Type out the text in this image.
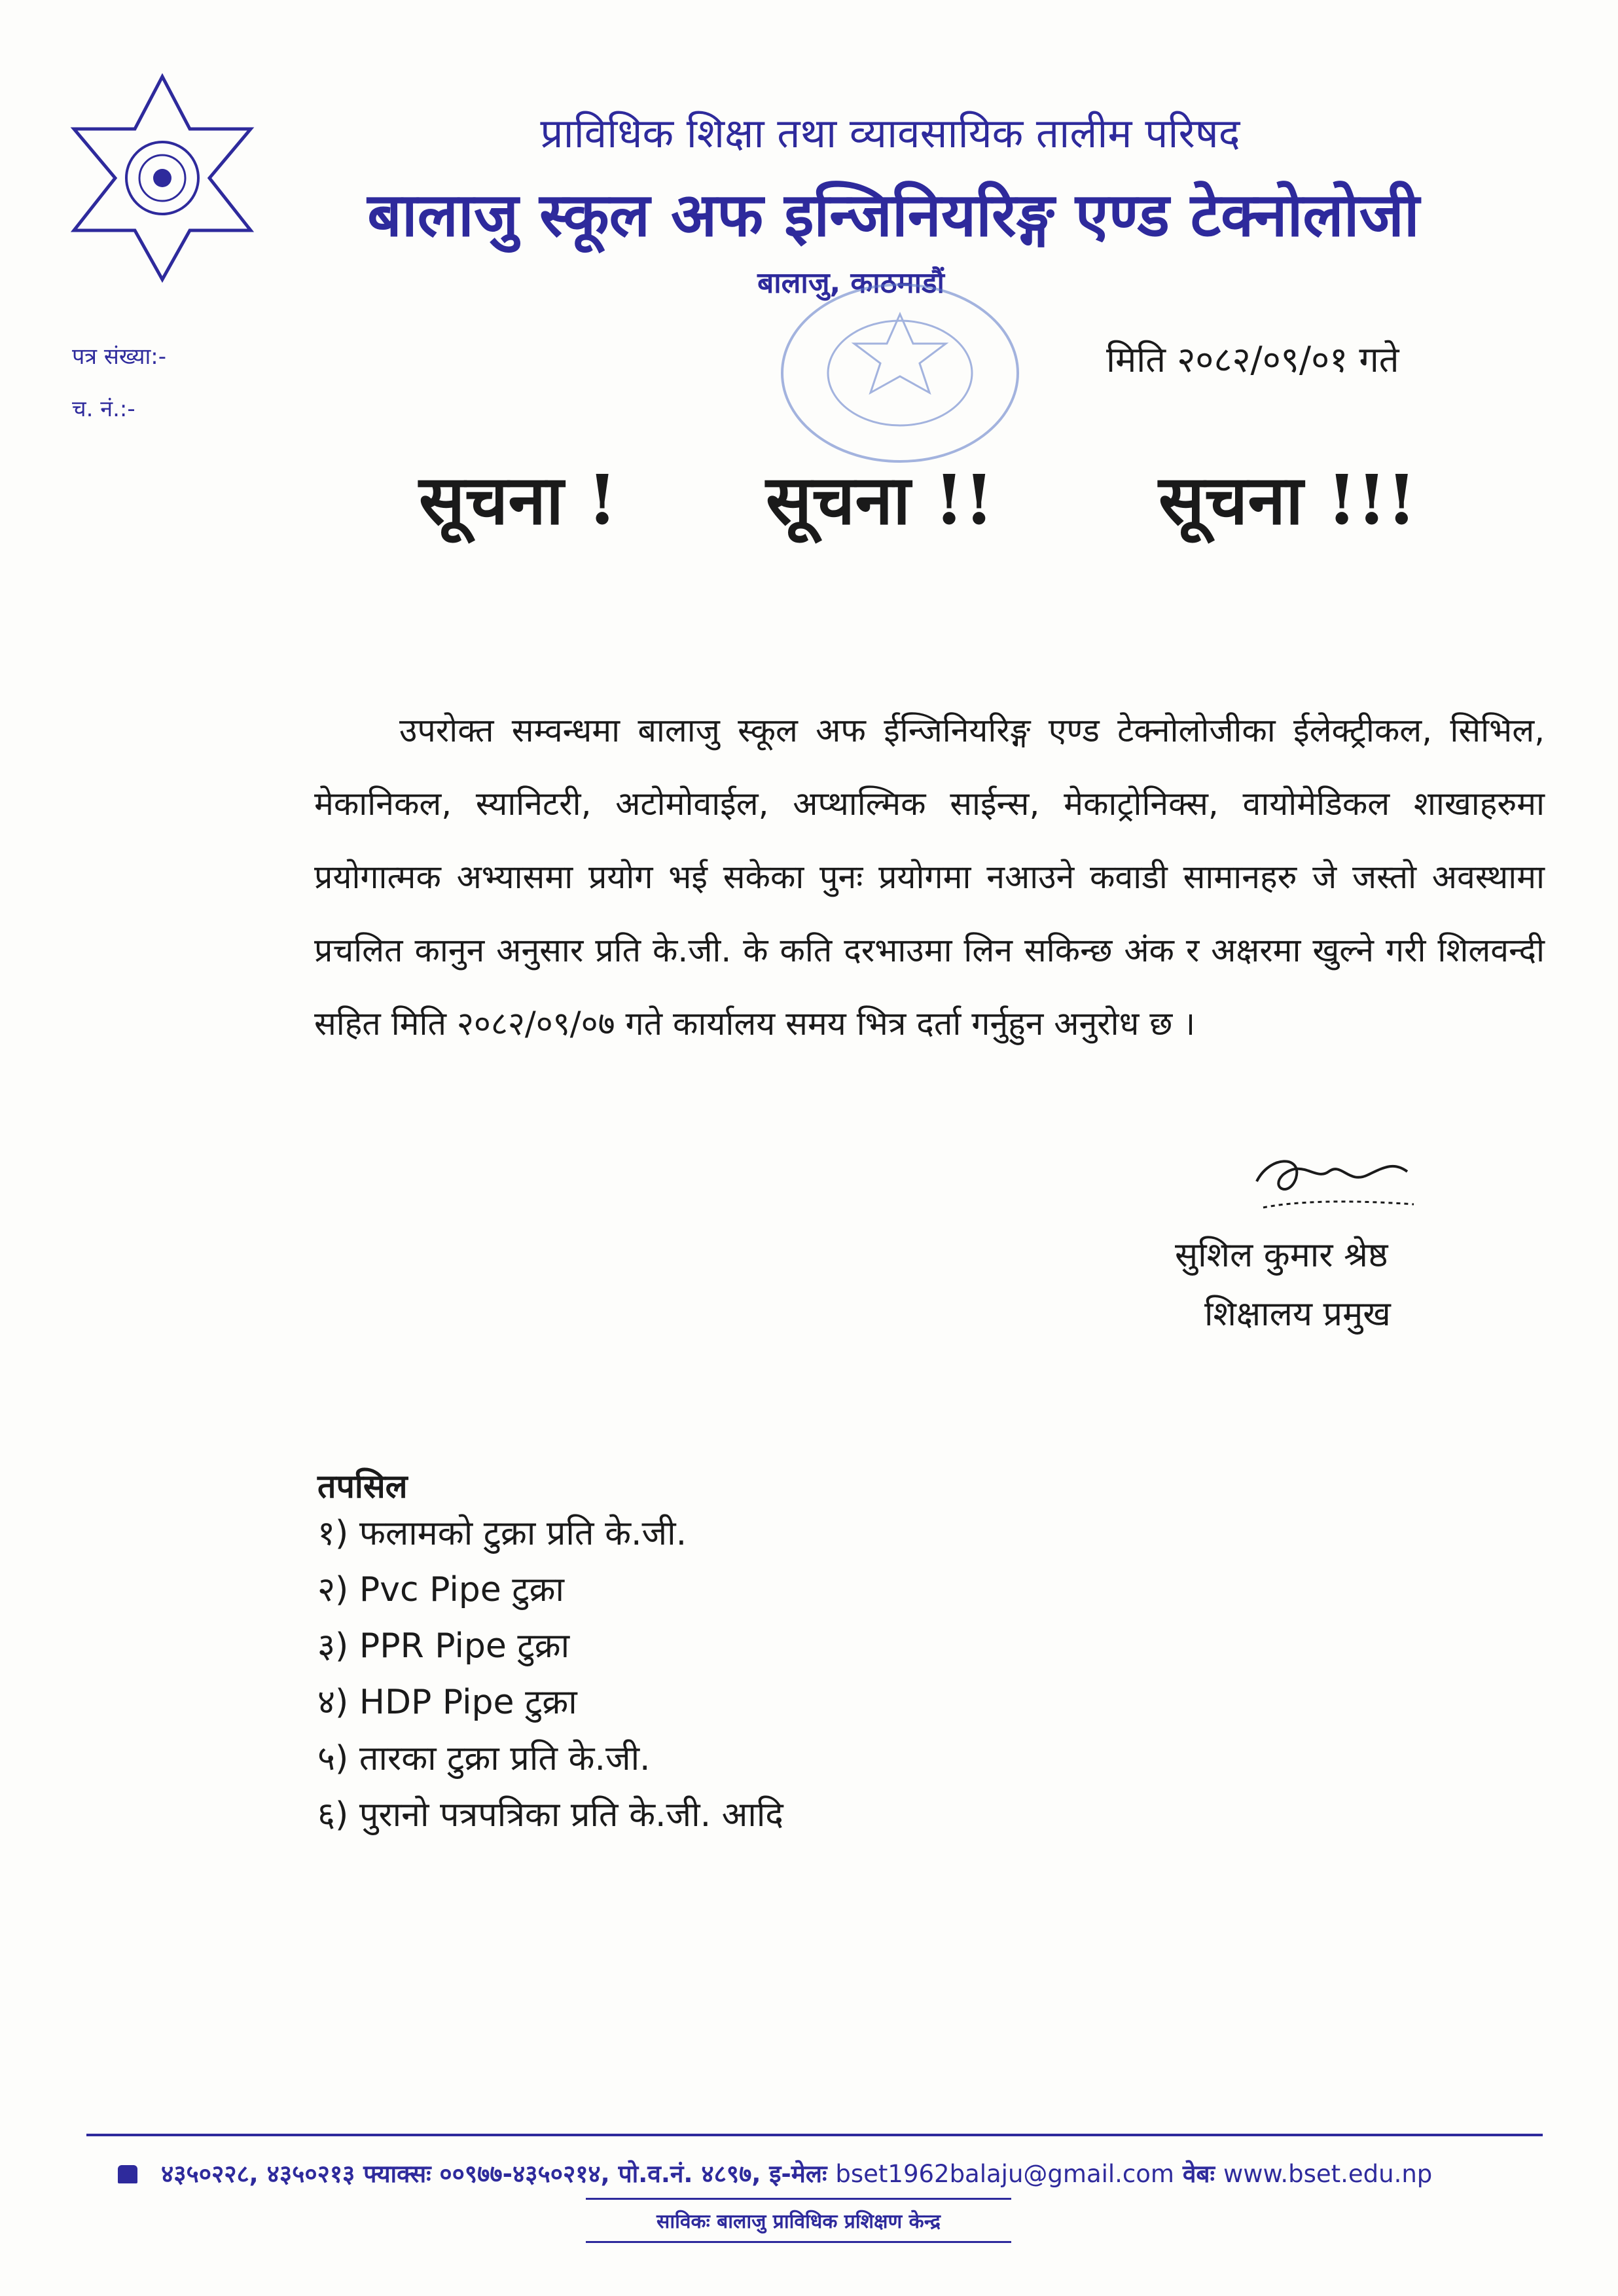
प्राविधिक शिक्षा तथा व्यावसायिक तालीम परिषद
बालाजु स्कूल अफ इन्जिनियरिङ्ग एण्ड टेक्नोलोजी
बालाजु, काठमाडौं
पत्र संख्या:-
च. नं.:-
मिति २०८२/०९/०१ गते
सूचना ! सूचना !! सूचना !!!

उपरोक्त सम्वन्धमा बालाजु स्कूल अफ ईन्जिनियरिङ्ग एण्ड टेक्नोलोजीका ईलेक्ट्रीकल, सिभिल, मेकानिकल, स्यानिटरी, अटोमोवाईल, अप्थाल्मिक साईन्स, मेकाट्रोनिक्स, वायोमेडिकल शाखाहरुमा प्रयोगात्मक अभ्यासमा प्रयोग भई सकेका पुनः प्रयोगमा नआउने कवाडी सामानहरु जे जस्तो अवस्थामा प्रचलित कानुन अनुसार प्रति के.जी. के कति दरभाउमा लिन सकिन्छ अंक र अक्षरमा खुल्ने गरी शिलवन्दी सहित मिति २०८२/०९/०७ गते कार्यालय समय भित्र दर्ता गर्नुहुन अनुरोध छ ।

सुशिल कुमार श्रेष्ठ
शिक्षालय प्रमुख
तपसिल
१) फलामको टुक्रा प्रति के.जी.
२) Pvc Pipe टुक्रा
३) PPR Pipe टुक्रा
४) HDP Pipe टुक्रा
५) तारका टुक्रा प्रति के.जी.
६) पुरानो पत्रपत्रिका प्रति के.जी. आदि
४३५०२२८, ४३५०२१३ फ्याक्सः ००९७७-४३५०२१४, पो.व.नं. ४८९७, इ-मेलः bset1962balaju@gmail.com वेबः www.bset.edu.np
साविकः बालाजु प्राविधिक प्रशिक्षण केन्द्र
